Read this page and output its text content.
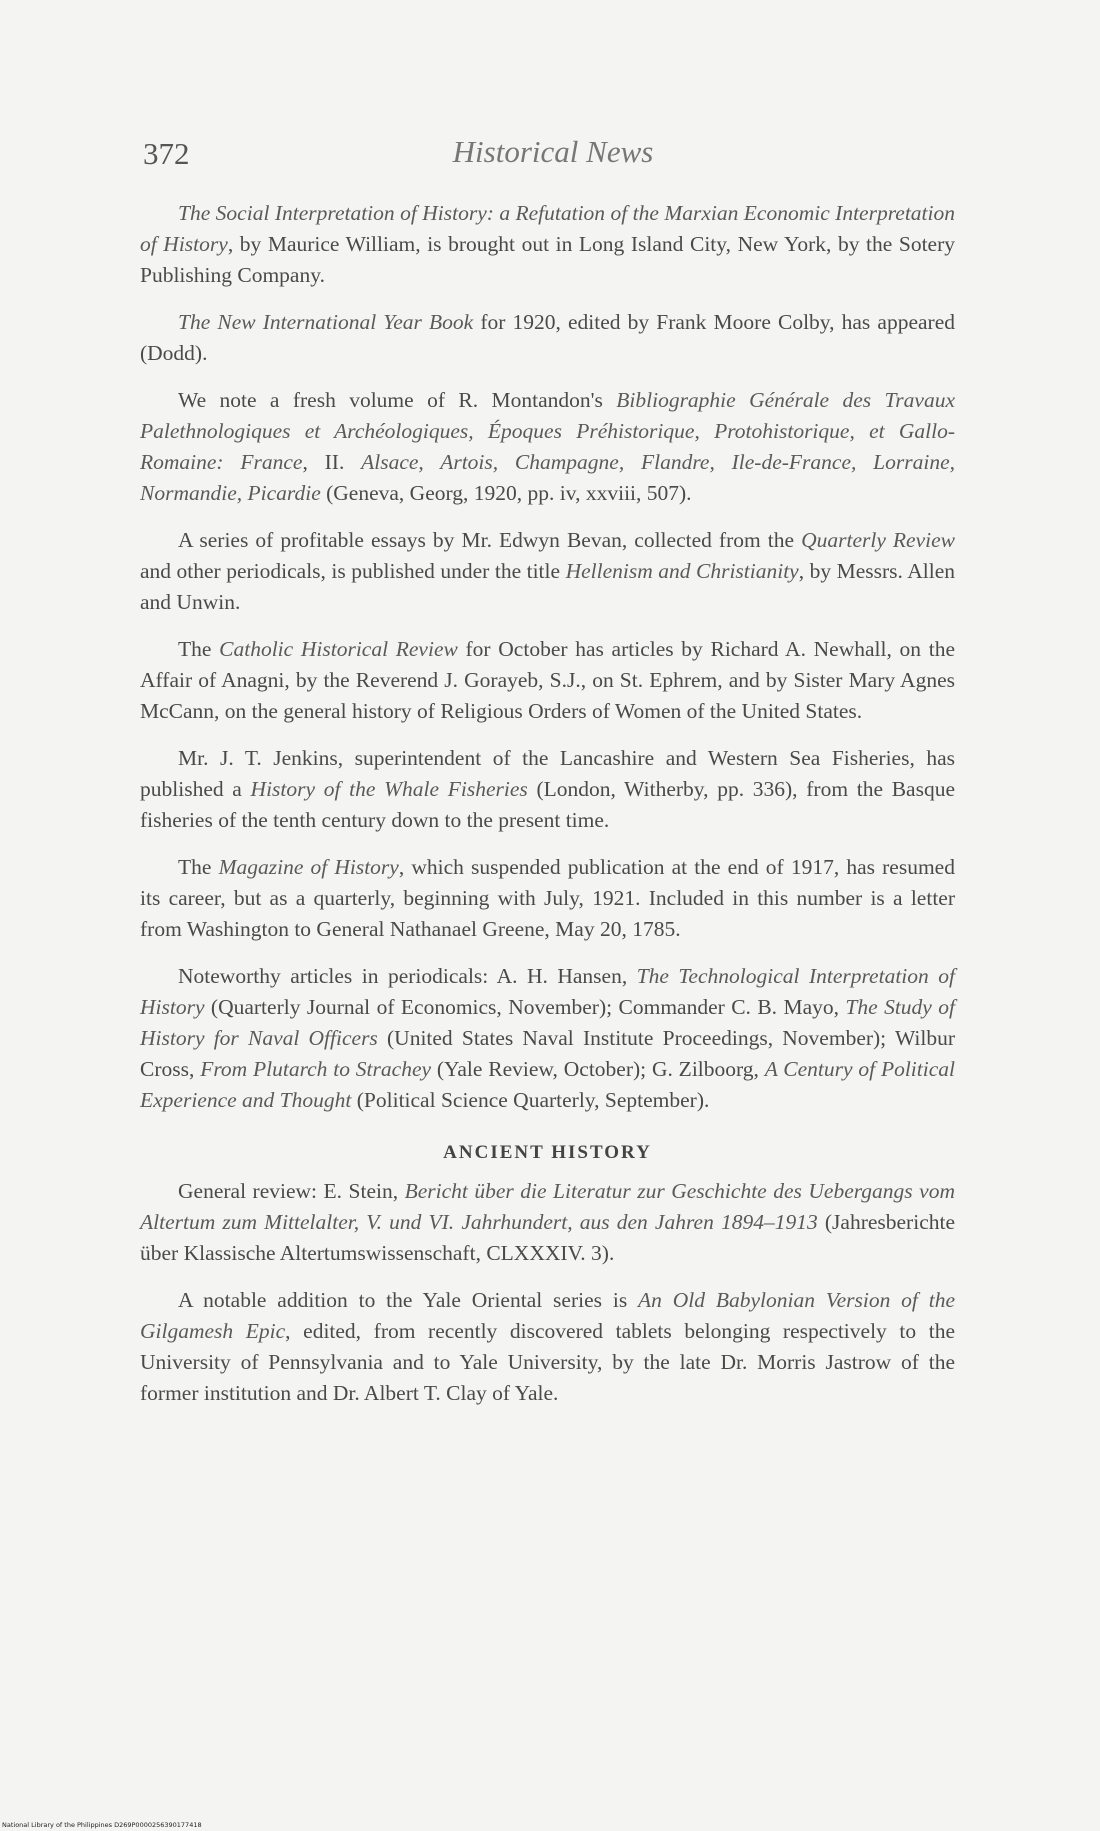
372	Historical News

The Social Interpretation of History: a Refutation of the Marxian Economic Interpretation of History, by Maurice William, is brought out in Long Island City, New York, by the Sotery Publishing Company.

The New International Year Book for 1920, edited by Frank Moore Colby, has appeared (Dodd).

We note a fresh volume of R. Montandon's Bibliographie Générale des Travaux Palethnologiques et Archéologiques, Époques Préhistorique, Protohistorique, et Gallo-Romaine: France, II. Alsace, Artois, Champagne, Flandre, Ile-de-France, Lorraine, Normandie, Picardie (Geneva, Georg, 1920, pp. iv, xxviii, 507).

A series of profitable essays by Mr. Edwyn Bevan, collected from the Quarterly Review and other periodicals, is published under the title Hellenism and Christianity, by Messrs. Allen and Unwin.

The Catholic Historical Review for October has articles by Richard A. Newhall, on the Affair of Anagni, by the Reverend J. Gorayeb, S.J., on St. Ephrem, and by Sister Mary Agnes McCann, on the general history of Religious Orders of Women of the United States.

Mr. J. T. Jenkins, superintendent of the Lancashire and Western Sea Fisheries, has published a History of the Whale Fisheries (London, Witherby, pp. 336), from the Basque fisheries of the tenth century down to the present time.

The Magazine of History, which suspended publication at the end of 1917, has resumed its career, but as a quarterly, beginning with July, 1921. Included in this number is a letter from Washington to General Nathanael Greene, May 20, 1785.

Noteworthy articles in periodicals: A. H. Hansen, The Technological Interpretation of History (Quarterly Journal of Economics, November); Commander C. B. Mayo, The Study of History for Naval Officers (United States Naval Institute Proceedings, November); Wilbur Cross, From Plutarch to Strachey (Yale Review, October); G. Zilboorg, A Century of Political Experience and Thought (Political Science Quarterly, September).

ANCIENT HISTORY

General review: E. Stein, Bericht über die Literatur zur Geschichte des Uebergangs vom Altertum zum Mittelalter, V. und VI. Jahrhundert, aus den Jahren 1894–1913 (Jahresberichte über Klassische Altertumswissenschaft, CLXXXIV. 3).

A notable addition to the Yale Oriental series is An Old Babylonian Version of the Gilgamesh Epic, edited, from recently discovered tablets belonging respectively to the University of Pennsylvania and to Yale University, by the late Dr. Morris Jastrow of the former institution and Dr. Albert T. Clay of Yale.

National Library of the Philippines D269P0000256390177418
